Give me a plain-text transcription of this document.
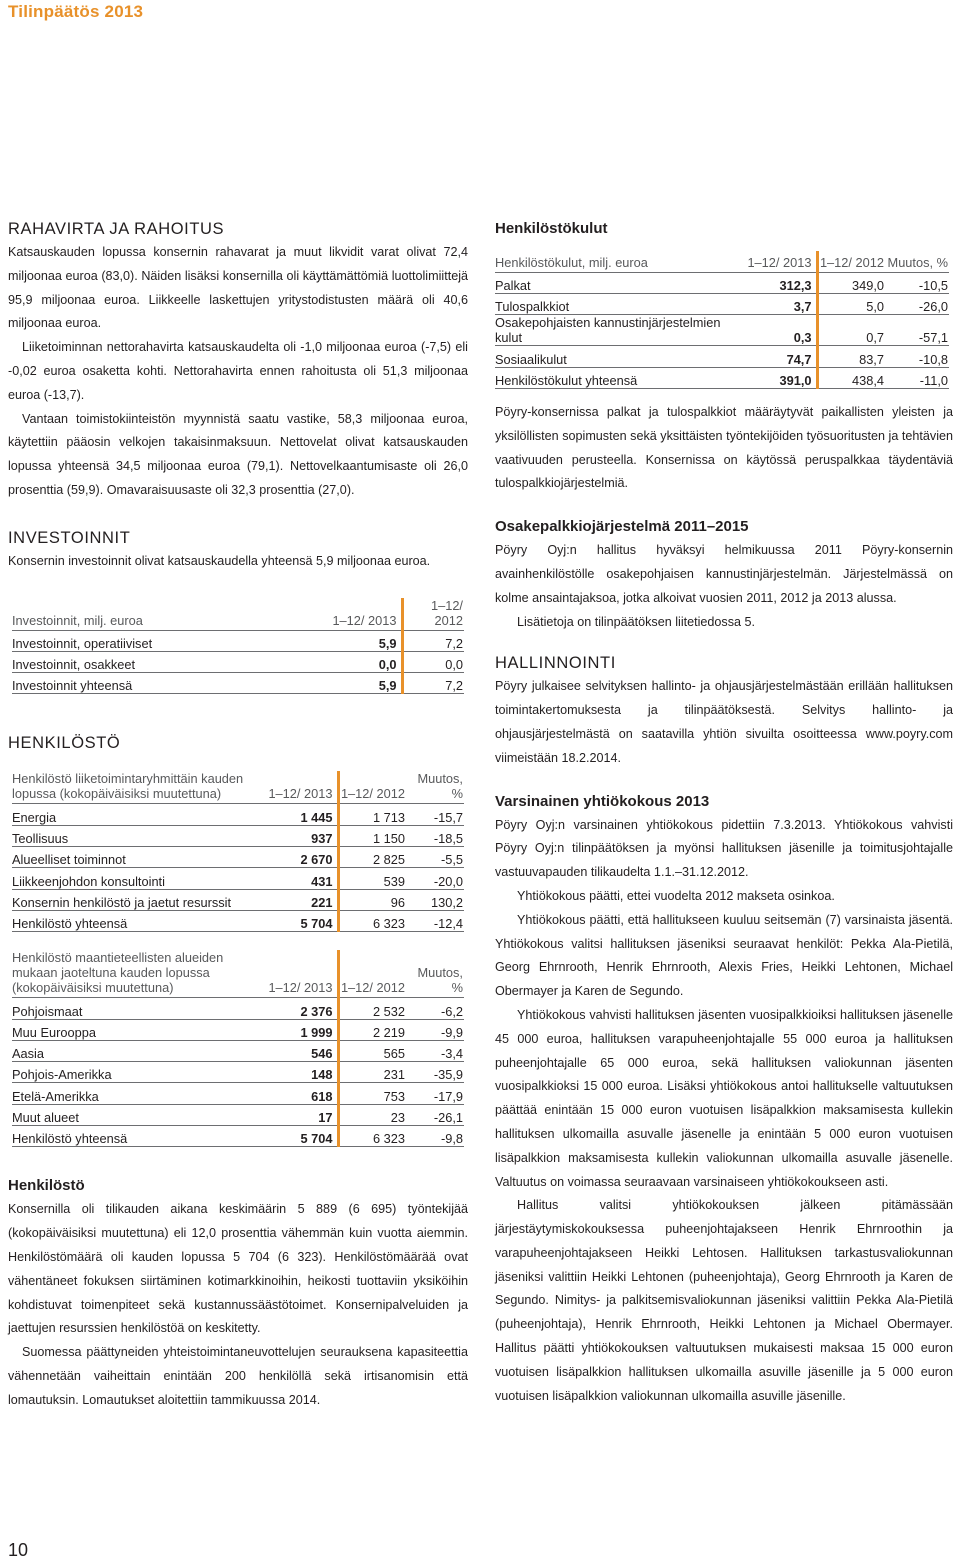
Tilinpäätös 2013
RAHAVIRTA JA RAHOITUS

Katsauskauden lopussa konsernin rahavarat ja muut likvidit varat olivat 72,4 miljoonaa euroa (83,0). Näiden lisäksi konsernilla oli käyttämättömiä luottolimiittejä 95,9 miljoonaa euroa. Liikkeelle laskettujen yritystodistusten määrä oli 40,6 miljoonaa euroa.

Liiketoiminnan nettorahavirta katsauskaudelta oli -1,0 miljoonaa euroa (-7,5) eli -0,02 euroa osaketta kohti. Nettorahavirta ennen rahoitusta oli 51,3 miljoonaa euroa (-13,7).

Vantaan toimistokiinteistön myynnistä saatu vastike, 58,3 miljoonaa euroa, käytettiin pääosin velkojen takaisinmaksuun. Nettovelat olivat katsauskauden lopussa yhteensä 34,5 miljoonaa euroa (79,1). Nettovelkaantumisaste oli 26,0 prosenttia (59,9). Omavaraisuusaste oli 32,3 prosenttia (27,0).

INVESTOINNIT

Konsernin investoinnit olivat katsauskaudella yhteensä 5,9 miljoonaa euroa.

Investoinnit, milj. euroa	1–12/ 2013	1–12/ 2012
Investoinnit, operatiiviset	5,9	7,2
Investoinnit, osakkeet	0,0	0,0
Investoinnit yhteensä	5,9	7,2
HENKILÖSTÖ
Henkilöstö liiketoimintaryhmittäin kauden lopussa (kokopäiväisiksi muutettuna)	1–12/ 2013	1–12/ 2012	Muutos, %
Energia	1 445	1 713	-15,7
Teollisuus	937	1 150	-18,5
Alueelliset toiminnot	2 670	2 825	-5,5
Liikkeenjohdon konsultointi	431	539	-20,0
Konsernin henkilöstö ja jaetut resurssit	221	96	130,2
Henkilöstö yhteensä	5 704	6 323	-12,4
Henkilöstö maantieteellisten alueiden mukaan jaoteltuna kauden lopussa (kokopäiväisiksi muutettuna)	1–12/ 2013	1–12/ 2012	Muutos, %
Pohjoismaat	2 376	2 532	-6,2
Muu Eurooppa	1 999	2 219	-9,9
Aasia	546	565	-3,4
Pohjois-Amerikka	148	231	-35,9
Etelä-Amerikka	618	753	-17,9
Muut alueet	17	23	-26,1
Henkilöstö yhteensä	5 704	6 323	-9,8
Henkilöstö

Konsernilla oli tilikauden aikana keskimäärin 5 889 (6 695) työntekijää (kokopäiväisiksi muutettuna) eli 12,0 prosenttia vähemmän kuin vuotta aiemmin. Henkilöstömäärä oli kauden lopussa 5 704 (6 323). Henkilöstömäärää ovat vähentäneet fokuksen siirtäminen kotimarkkinoihin, heikosti tuottaviin yksiköihin kohdistuvat toimenpiteet sekä kustannussäästötoimet. Konsernipalveluiden ja jaettujen resurssien henkilöstöä on keskitetty.

Suomessa päättyneiden yhteistoimintaneuvottelujen seurauksena kapasiteettia vähennetään vaiheittain enintään 200 henkilöllä sekä irtisanomisin että lomautuksin. Lomautukset aloitettiin tammikuussa 2014.

Henkilöstökulut
Henkilöstökulut, milj. euroa	1–12/ 2013	1–12/ 2012	Muutos, %
Palkat	312,3	349,0	-10,5
Tulospalkkiot	3,7	5,0	-26,0
Osakepohjaisten kannustinjärjestelmien kulut	0,3	0,7	-57,1
Sosiaalikulut	74,7	83,7	-10,8
Henkilöstökulut yhteensä	391,0	438,4	-11,0

Pöyry-konsernissa palkat ja tulospalkkiot määräytyvät paikallisten yleisten ja yksilöllisten sopimusten sekä yksittäisten työntekijöiden työsuoritusten ja tehtävien vaativuuden perusteella. Konsernissa on käytössä peruspalkkaa täydentäviä tulospalkkiojärjestelmiä.

Osakepalkkiojärjestelmä 2011–2015

Pöyry Oyj:n hallitus hyväksyi helmikuussa 2011 Pöyry-konsernin avainhenkilöstölle osakepohjaisen kannustinjärjestelmän. Järjestelmässä on kolme ansaintajaksoa, jotka alkoivat vuosien 2011, 2012 ja 2013 alussa.

Lisätietoja on tilinpäätöksen liitetiedossa 5.

HALLINNOINTI

Pöyry julkaisee selvityksen hallinto- ja ohjausjärjestelmästään erillään hallituksen toimintakertomuksesta ja tilinpäätöksestä. Selvitys hallinto- ja ohjausjärjestelmästä on saatavilla yhtiön sivuilta osoitteessa www.poyry.com viimeistään 18.2.2014.

Varsinainen yhtiökokous 2013

Pöyry Oyj:n varsinainen yhtiökokous pidettiin 7.3.2013. Yhtiökokous vahvisti Pöyry Oyj:n tilinpäätöksen ja myönsi hallituksen jäsenille ja toimitusjohtajalle vastuuvapauden tilikaudelta 1.1.–31.12.2012.

Yhtiökokous päätti, ettei vuodelta 2012 makseta osinkoa.

Yhtiökokous päätti, että hallitukseen kuuluu seitsemän (7) varsinaista jäsentä. Yhtiökokous valitsi hallituksen jäseniksi seuraavat henkilöt: Pekka Ala-Pietilä, Georg Ehrnrooth, Henrik Ehrnrooth, Alexis Fries, Heikki Lehtonen, Michael Obermayer ja Karen de Segundo.

Yhtiökokous vahvisti hallituksen jäsenten vuosipalkkioiksi hallituksen jäsenelle 45 000 euroa, hallituksen varapuheenjohtajalle 55 000 euroa ja hallituksen puheenjohtajalle 65 000 euroa, sekä hallituksen valiokunnan jäsenten vuosipalkkioksi 15 000 euroa. Lisäksi yhtiökokous antoi hallitukselle valtuutuksen päättää enintään 15 000 euron vuotuisen lisäpalkkion maksamisesta kullekin hallituksen ulkomailla asuvalle jäsenelle ja enintään 5 000 euron vuotuisen lisäpalkkion maksamisesta kullekin valiokunnan ulkomailla asuvalle jäsenelle. Valtuutus on voimassa seuraavaan varsinaiseen yhtiökokoukseen asti.

Hallitus valitsi yhtiökokouksen jälkeen pitämässään järjestäytymiskokouksessa puheenjohtajakseen Henrik Ehrnroothin ja varapuheenjohtajakseen Heikki Lehtosen. Hallituksen tarkastusvaliokunnan jäseniksi valittiin Heikki Lehtonen (puheenjohtaja), Georg Ehrnrooth ja Karen de Segundo. Nimitys- ja palkitsemisvaliokunnan jäseniksi valittiin Pekka Ala-Pietilä (puheenjohtaja), Henrik Ehrnrooth, Heikki Lehtonen ja Michael Obermayer. Hallitus päätti yhtiökokouksen valtuutuksen mukaisesti maksaa 15 000 euron vuotuisen lisäpalkkion hallituksen ulkomailla asuville jäsenille ja 5 000 euron vuotuisen lisäpalkkion valiokunnan ulkomailla asuville jäsenille.

10
